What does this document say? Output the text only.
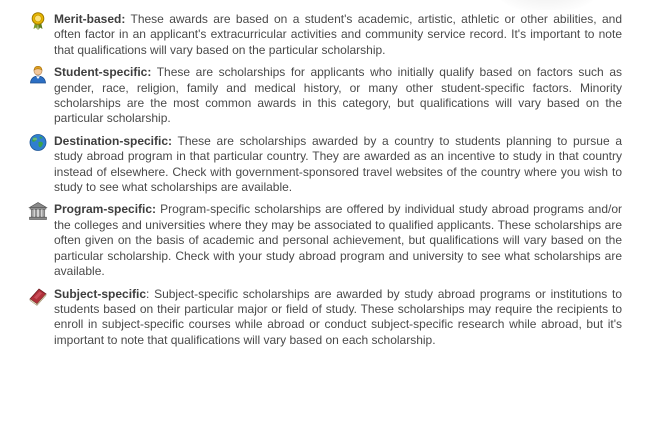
Merit-based: These awards are based on a student's academic, artistic, athletic or other abilities, and often factor in an applicant's extracurricular activities and community service record. It's important to note that qualifications will vary based on the particular scholarship.
Student-specific: These are scholarships for applicants who initially qualify based on factors such as gender, race, religion, family and medical history, or many other student-specific factors. Minority scholarships are the most common awards in this category, but qualifications will vary based on the particular scholarship.
Destination-specific: These are scholarships awarded by a country to students planning to pursue a study abroad program in that particular country. They are awarded as an incentive to study in that country instead of elsewhere. Check with government-sponsored travel websites of the country where you wish to study to see what scholarships are available.
Program-specific: Program-specific scholarships are offered by individual study abroad programs and/or the colleges and universities where they may be associated to qualified applicants. These scholarships are often given on the basis of academic and personal achievement, but qualifications will vary based on the particular scholarship. Check with your study abroad program and university to see what scholarships are available.
Subject-specific: Subject-specific scholarships are awarded by study abroad programs or institutions to students based on their particular major or field of study. These scholarships may require the recipients to enroll in subject-specific courses while abroad or conduct subject-specific research while abroad, but it's important to note that qualifications will vary based on each scholarship.
